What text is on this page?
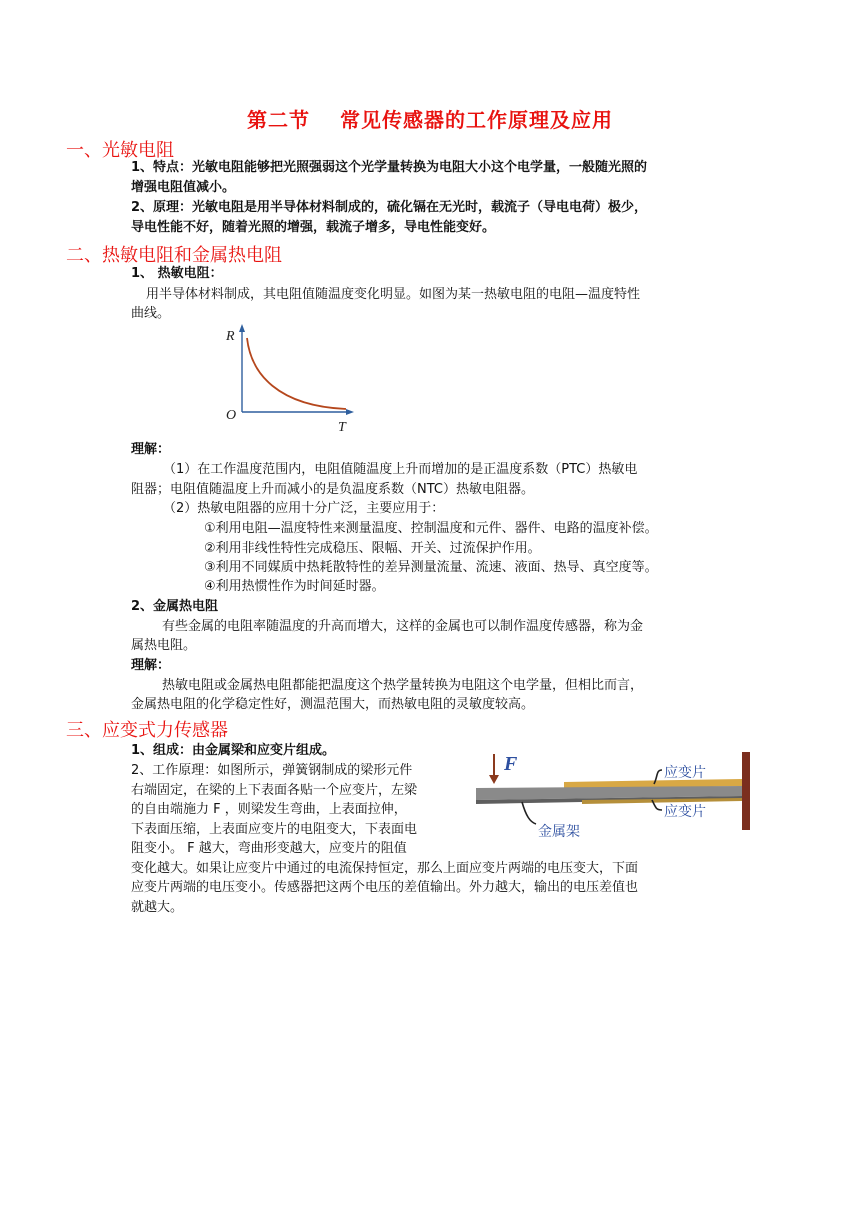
第二节 常见传感器的工作原理及应用
一、光敏电阻
1、特点：光敏电阻能够把光照强弱这个光学量转换为电阻大小这个电学量，一般随光照的
增强电阻值减小。
2、原理：光敏电阻是用半导体材料制成的，硫化镉在无光时，载流子（导电电荷）极少，
导电性能不好，随着光照的增强，载流子增多，导电性能变好。
二、热敏电阻和金属热电阻
1、 热敏电阻：
用半导体材料制成，其电阻值随温度变化明显。如图为某一热敏电阻的电阻—温度特性
曲线。
R
O
T
理解：
（1）在工作温度范围内，电阻值随温度上升而增加的是正温度系数（PTC）热敏电
阻器；电阻值随温度上升而减小的是负温度系数（NTC）热敏电阻器。
（2）热敏电阻器的应用十分广泛，主要应用于：
①利用电阻—温度特性来测量温度、控制温度和元件、器件、电路的温度补偿。
②利用非线性特性完成稳压、限幅、开关、过流保护作用。
③利用不同媒质中热耗散特性的差异测量流量、流速、液面、热导、真空度等。
④利用热惯性作为时间延时器。
2、金属热电阻
有些金属的电阻率随温度的升高而增大，这样的金属也可以制作温度传感器，称为金
属热电阻。
理解：
热敏电阻或金属热电阻都能把温度这个热学量转换为电阻这个电学量，但相比而言，
金属热电阻的化学稳定性好，测温范围大，而热敏电阻的灵敏度较高。
三、应变式力传感器
1、组成：由金属梁和应变片组成。
2、工作原理：如图所示，弹簧钢制成的梁形元件
右端固定，在梁的上下表面各贴一个应变片，左梁
的自由端施力 F ，则梁发生弯曲，上表面拉伸，
下表面压缩，上表面应变片的电阻变大，下表面电
阻变小。 F 越大，弯曲形变越大，应变片的阻值
变化越大。如果让应变片中通过的电流保持恒定，那么上面应变片两端的电压变大，下面
应变片两端的电压变小。传感器把这两个电压的差值输出。外力越大，输出的电压差值也
就越大。
F	应变片
应变片
金属架
